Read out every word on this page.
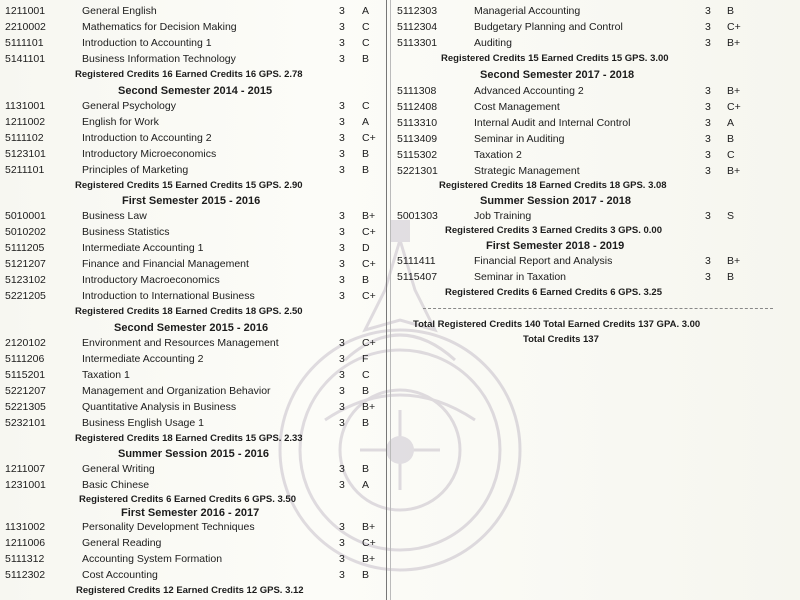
1211001	General English	3 A
2210002	Mathematics for Decision Making	3 C
5111101	Introduction to Accounting 1	3 C
5141101	Business Information Technology	3 B
Registered Credits 16 Earned Credits 16 GPS. 2.78
Second Semester 2014 - 2015
1131001	General Psychology	3 C
1211002	English for Work	3 A
5111102	Introduction to Accounting 2	3 C+
5123101	Introductory Microeconomics	3 B
5211101	Principles of Marketing	3 B
Registered Credits 15 Earned Credits 15 GPS. 2.90
First Semester 2015 - 2016
5010001	Business Law	3 B+
5010202	Business Statistics	3 C+
5111205	Intermediate Accounting 1	3 D
5121207	Finance and Financial Management	3 C+
5123102	Introductory Macroeconomics	3 B
5221205	Introduction to International Business	3 C+
Registered Credits 18 Earned Credits 18 GPS. 2.50
Second Semester 2015 - 2016
2120102	Environment and Resources Management	3 C+
5111206	Intermediate Accounting 2	3 F
5115201	Taxation 1	3 C
5221207	Management and Organization Behavior	3 B
5221305	Quantitative Analysis in Business	3 B+
5232101	Business English Usage 1	3 B
Registered Credits 18 Earned Credits 15 GPS. 2.33
Summer Session 2015 - 2016
1211007	General Writing	3 B
1231001	Basic Chinese	3 A
Registered Credits 6 Earned Credits 6 GPS. 3.50
First Semester 2016 - 2017
1131002	Personality Development Techniques	3 B+
1211006	General Reading	3 C+
5111312	Accounting System Formation	3 B+
5112302	Cost Accounting	3 B
Registered Credits 12 Earned Credits 12 GPS. 3.12
5112303	Managerial Accounting	3 B
5112304	Budgetary Planning and Control	3 C+
5113301	Auditing	3 B+
Registered Credits 15 Earned Credits 15 GPS. 3.00
Second Semester 2017 - 2018
5111308	Advanced Accounting 2	3 B+
5112408	Cost Management	3 C+
5113310	Internal Audit and Internal Control	3 A
5113409	Seminar in Auditing	3 B
5115302	Taxation 2	3 C
5221301	Strategic Management	3 B+
Registered Credits 18 Earned Credits 18 GPS. 3.08
Summer Session 2017 - 2018
5001303	Job Training	3 S
Registered Credits 3 Earned Credits 3 GPS. 0.00
First Semester 2018 - 2019
5111411	Financial Report and Analysis	3 B+
5115407	Seminar in Taxation	3 B
Registered Credits 6 Earned Credits 6 GPS. 3.25
Total Registered Credits 140 Total Earned Credits 137 GPA. 3.00
Total Credits 137
